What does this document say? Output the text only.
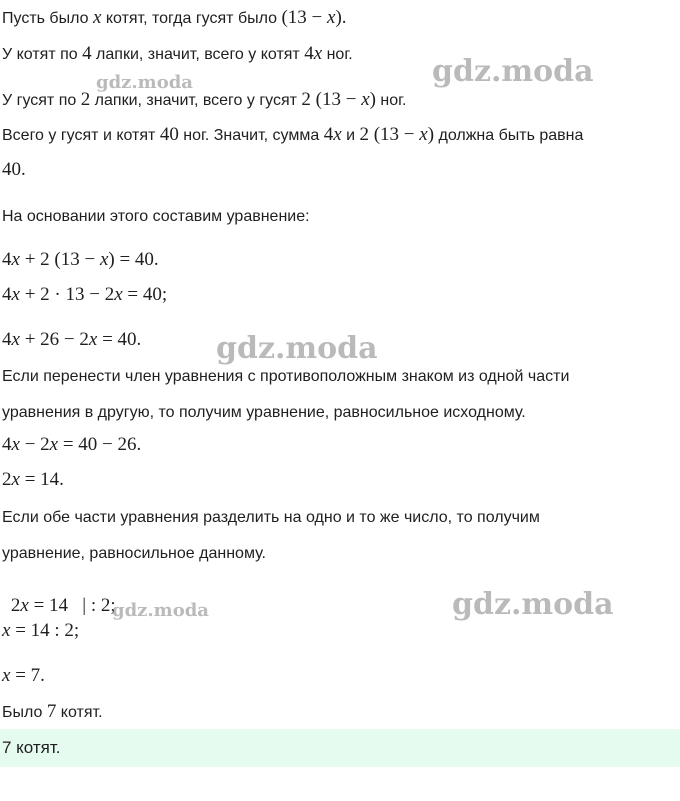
Пусть было x котят, тогда гусят было (13 − x).
У котят по 4 лапки, значит, всего у котят 4x ног.
У гусят по 2 лапки, значит, всего у гусят 2 (13 − x) ног.
Всего у гусят и котят 40 ног. Значит, сумма 4x и 2 (13 − x) должна быть равна
40.
На основании этого составим уравнение:
4x + 2 (13 − x) = 40.
4x + 2 · 13 − 2x = 40;
4x + 26 − 2x = 40.
Если перенести член уравнения с противоположным знаком из одной части
уравнения в другую, то получим уравнение, равносильное исходному.
4x − 2x = 40 − 26.
2x = 14.
Если обе части уравнения разделить на одно и то же число, то получим
уравнение, равносильное данному.

2x = 14   | : 2;

x = 14 : 2;
x = 7.
Было 7 котят.
7 котят.
gdz.moda
gdz.moda
gdz.moda
gdz.moda
gdz.moda
